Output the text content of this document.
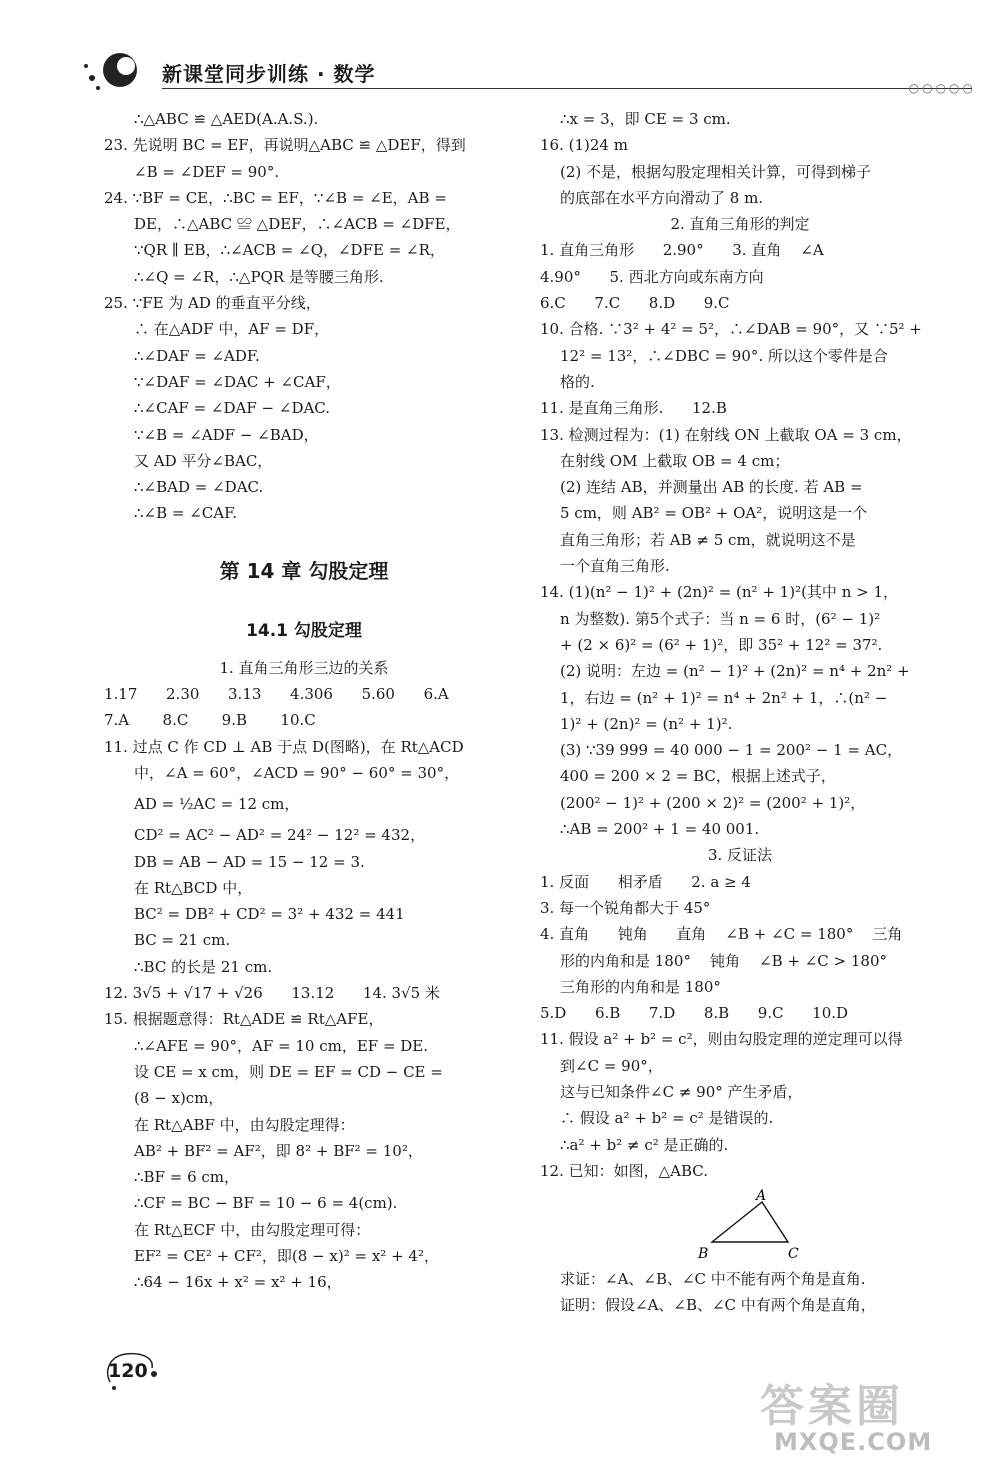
新课堂同步训练 · 数学
○○○○○
∴△ABC ≌ △AED(A.A.S.).
23. 先说明 BC = EF，再说明△ABC ≌ △DEF，得到
∠B = ∠DEF = 90°.
24. ∵BF = CE，∴BC = EF，∵∠B = ∠E，AB =
DE，∴△ABC ≌ △DEF，∴∠ACB = ∠DFE，
∵QR ∥ EB，∴∠ACB = ∠Q，∠DFE = ∠R，
∴∠Q = ∠R，∴△PQR 是等腰三角形.
25. ∵FE 为 AD 的垂直平分线，
∴ 在△ADF 中，AF = DF，
∴∠DAF = ∠ADF.
∵∠DAF = ∠DAC + ∠CAF，
∴∠CAF = ∠DAF − ∠DAC.
∵∠B = ∠ADF − ∠BAD，
又 AD 平分∠BAC，
∴∠BAD = ∠DAC.
∴∠B = ∠CAF.
第 14 章 勾股定理
14.1 勾股定理
1. 直角三角形三边的关系
1.17      2.30      3.13      4.306      5.60      6.A
7.A       8.C       9.B       10.C
11. 过点 C 作 CD ⊥ AB 于点 D(图略)，在 Rt△ACD
中，∠A = 60°，∠ACD = 90° − 60° = 30°，
AD = ½AC = 12 cm，
CD² = AC² − AD² = 24² − 12² = 432，
DB = AB − AD = 15 − 12 = 3.
在 Rt△BCD 中，
BC² = DB² + CD² = 3² + 432 = 441
BC = 21 cm.
∴BC 的长是 21 cm.
12. 3√5 + √17 + √26      13.12      14. 3√5 米
15. 根据题意得：Rt△ADE ≌ Rt△AFE，
∴∠AFE = 90°，AF = 10 cm，EF = DE.
设 CE = x cm，则 DE = EF = CD − CE =
(8 − x)cm，
在 Rt△ABF 中，由勾股定理得：
AB² + BF² = AF²，即 8² + BF² = 10²，
∴BF = 6 cm，
∴CF = BC − BF = 10 − 6 = 4(cm).
在 Rt△ECF 中，由勾股定理可得：
EF² = CE² + CF²，即(8 − x)² = x² + 4²，
∴64 − 16x + x² = x² + 16，
∴x = 3，即 CE = 3 cm.
16. (1)24 m
(2) 不是，根据勾股定理相关计算，可得到梯子
的底部在水平方向滑动了 8 m.
2. 直角三角形的判定
1. 直角三角形      2.90°      3. 直角    ∠A
4.90°      5. 西北方向或东南方向
6.C      7.C      8.D      9.C
10. 合格. ∵3² + 4² = 5²，∴∠DAB = 90°，又 ∵5² +
12² = 13²，∴∠DBC = 90°. 所以这个零件是合
格的.
11. 是直角三角形.      12.B
13. 检测过程为：(1) 在射线 ON 上截取 OA = 3 cm，
在射线 OM 上截取 OB = 4 cm；
(2) 连结 AB，并测量出 AB 的长度. 若 AB =
5 cm，则 AB² = OB² + OA²，说明这是一个
直角三角形；若 AB ≠ 5 cm，就说明这不是
一个直角三角形.
14. (1)(n² − 1)² + (2n)² = (n² + 1)²(其中 n > 1，
n 为整数). 第5个式子：当 n = 6 时，(6² − 1)²
+ (2 × 6)² = (6² + 1)²，即 35² + 12² = 37².
(2) 说明：左边 = (n² − 1)² + (2n)² = n⁴ + 2n² +
1，右边 = (n² + 1)² = n⁴ + 2n² + 1，∴(n² −
1)² + (2n)² = (n² + 1)².
(3) ∵39 999 = 40 000 − 1 = 200² − 1 = AC，
400 = 200 × 2 = BC，根据上述式子，
(200² − 1)² + (200 × 2)² = (200² + 1)²，
∴AB = 200² + 1 = 40 001.
3. 反证法
1. 反面      相矛盾      2. a ≥ 4
3. 每一个锐角都大于 45°
4. 直角      钝角      直角    ∠B + ∠C = 180°    三角
形的内角和是 180°    钝角    ∠B + ∠C > 180°
三角形的内角和是 180°
5.D      6.B      7.D      8.B      9.C      10.D
11. 假设 a² + b² = c²，则由勾股定理的逆定理可以得
到∠C = 90°，
这与已知条件∠C ≠ 90° 产生矛盾，
∴ 假设 a² + b² = c² 是错误的.
∴a² + b² ≠ c² 是正确的.
12. 已知：如图，△ABC.
A
B	C
求证：∠A、∠B、∠C 中不能有两个角是直角.
证明：假设∠A、∠B、∠C 中有两个角是直角，
120
答案圈
MXQE.COM
